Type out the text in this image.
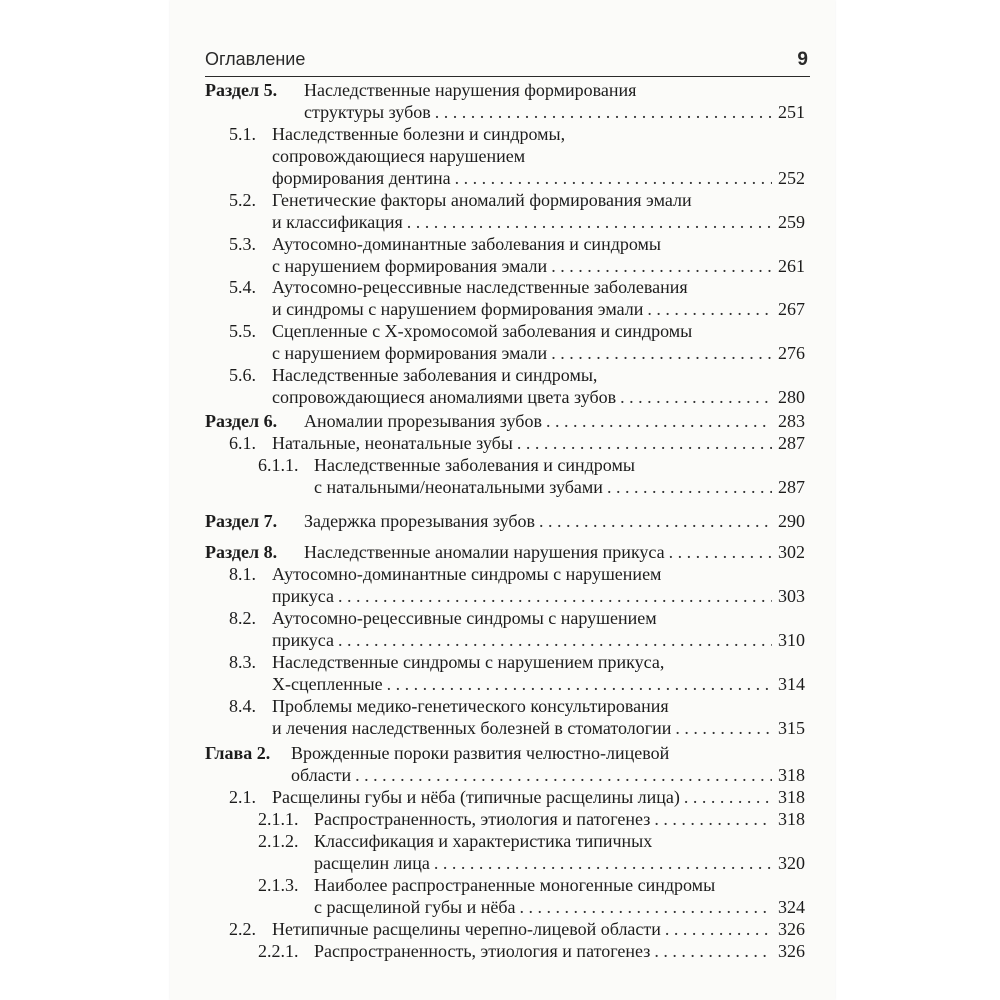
Оглавление	9
Раздел 5. Наследственные нарушения формирования
структуры зубов . . .	251
5.1. Наследственные болезни и синдромы,
сопровождающиеся нарушением
формирования дентина . . .	252
5.2. Генетические факторы аномалий формирования эмали
и классификация . . .	259
5.3. Аутосомно-доминантные заболевания и синдромы
с нарушением формирования эмали . . .	261
5.4. Аутосомно-рецессивные наследственные заболевания
и синдромы с нарушением формирования эмали . . .	267
5.5. Сцепленные с Х-хромосомой заболевания и синдромы
с нарушением формирования эмали . . .	276
5.6. Наследственные заболевания и синдромы,
сопровождающиеся аномалиями цвета зубов . . .	280
Раздел 6. Аномалии прорезывания зубов . . .	283
6.1. Натальные, неонатальные зубы . . .	287
6.1.1. Наследственные заболевания и синдромы
с натальными/неонатальными зубами . . .	287
Раздел 7. Задержка прорезывания зубов . . .	290
Раздел 8. Наследственные аномалии нарушения прикуса . . .	302
8.1. Аутосомно-доминантные синдромы с нарушением
прикуса . . .	303
8.2. Аутосомно-рецессивные синдромы с нарушением
прикуса . . .	310
8.3. Наследственные синдромы с нарушением прикуса,
Х-сцепленные . . .	314
8.4. Проблемы медико-генетического консультирования
и лечения наследственных болезней в стоматологии . . .	315
Глава 2. Врожденные пороки развития челюстно-лицевой
области . . .	318
2.1. Расщелины губы и нёба (типичные расщелины лица) . . .	318
2.1.1. Распространенность, этиология и патогенез . . .	318
2.1.2. Классификация и характеристика типичных
расщелин лица . . .	320
2.1.3. Наиболее распространенные моногенные синдромы
с расщелиной губы и нёба . . .	324
2.2. Нетипичные расщелины черепно-лицевой области . . .	326
2.2.1. Распространенность, этиология и патогенез . . .	326
